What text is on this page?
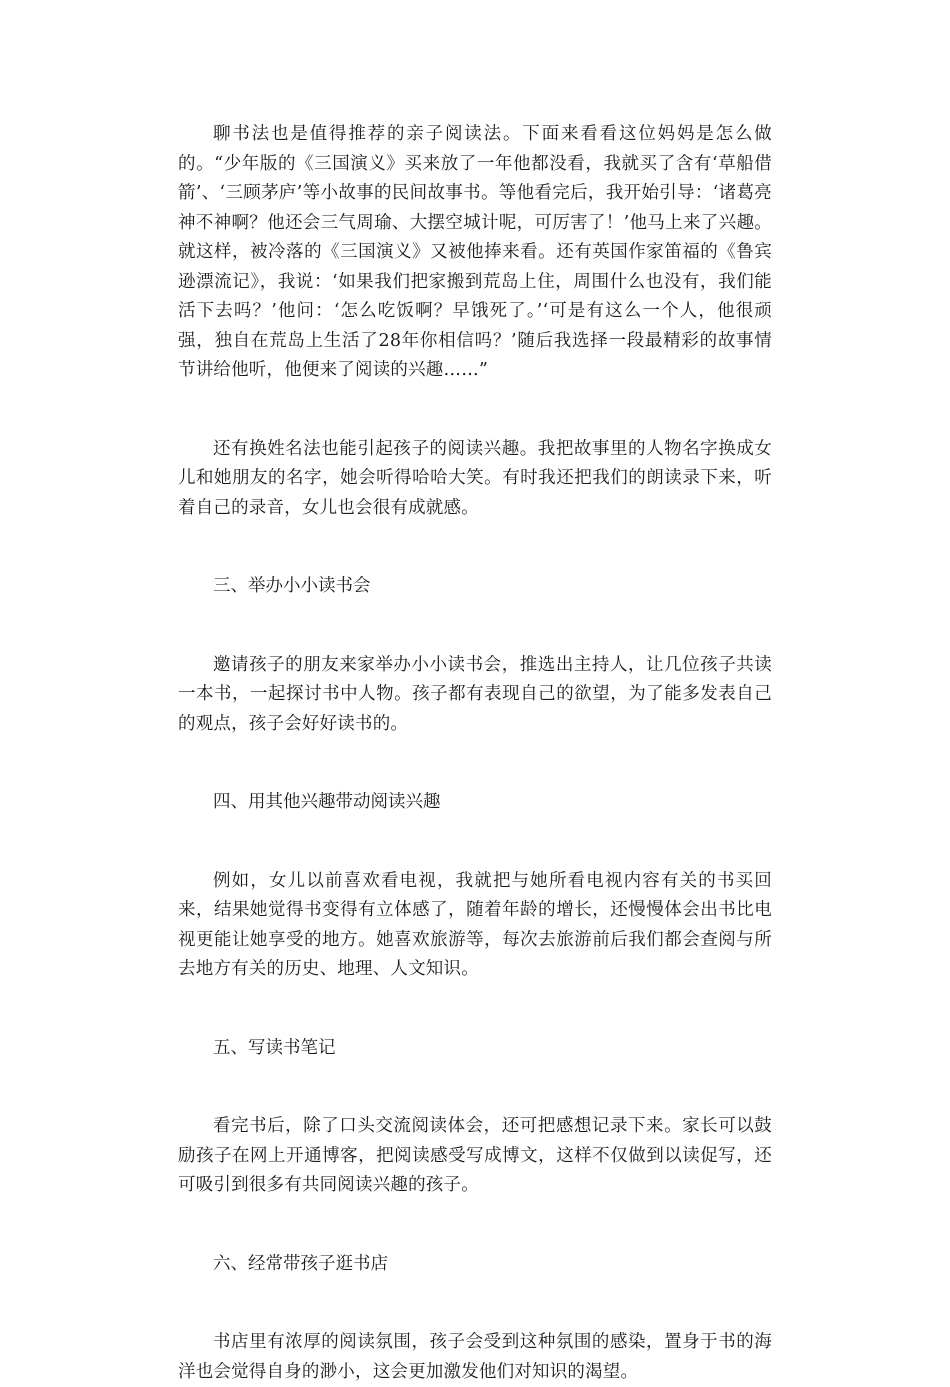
聊书法也是值得推荐的亲子阅读法。下面来看看这位妈妈是怎么做的。“少年版的《三国演义》买来放了一年他都没看，我就买了含有‘草船借箭’、‘三顾茅庐’等小故事的民间故事书。等他看完后，我开始引导：‘诸葛亮神不神啊？他还会三气周瑜、大摆空城计呢，可厉害了！’他马上来了兴趣。就这样，被冷落的《三国演义》又被他捧来看。还有英国作家笛福的《鲁宾逊漂流记》，我说：‘如果我们把家搬到荒岛上住，周围什么也没有，我们能活下去吗？’他问：‘怎么吃饭啊？早饿死了。’‘可是有这么一个人，他很顽强，独自在荒岛上生活了28年你相信吗？’随后我选择一段最精彩的故事情节讲给他听，他便来了阅读的兴趣……”

还有换姓名法也能引起孩子的阅读兴趣。我把故事里的人物名字换成女儿和她朋友的名字，她会听得哈哈大笑。有时我还把我们的朗读录下来，听着自己的录音，女儿也会很有成就感。

三、举办小小读书会

邀请孩子的朋友来家举办小小读书会，推选出主持人，让几位孩子共读一本书，一起探讨书中人物。孩子都有表现自己的欲望，为了能多发表自己的观点，孩子会好好读书的。

四、用其他兴趣带动阅读兴趣

例如，女儿以前喜欢看电视，我就把与她所看电视内容有关的书买回来，结果她觉得书变得有立体感了，随着年龄的增长，还慢慢体会出书比电视更能让她享受的地方。她喜欢旅游等，每次去旅游前后我们都会查阅与所去地方有关的历史、地理、人文知识。

五、写读书笔记

看完书后，除了口头交流阅读体会，还可把感想记录下来。家长可以鼓励孩子在网上开通博客，把阅读感受写成博文，这样不仅做到以读促写，还可吸引到很多有共同阅读兴趣的孩子。

六、经常带孩子逛书店

书店里有浓厚的阅读氛围，孩子会受到这种氛围的感染，置身于书的海洋也会觉得自身的渺小，这会更加激发他们对知识的渴望。
